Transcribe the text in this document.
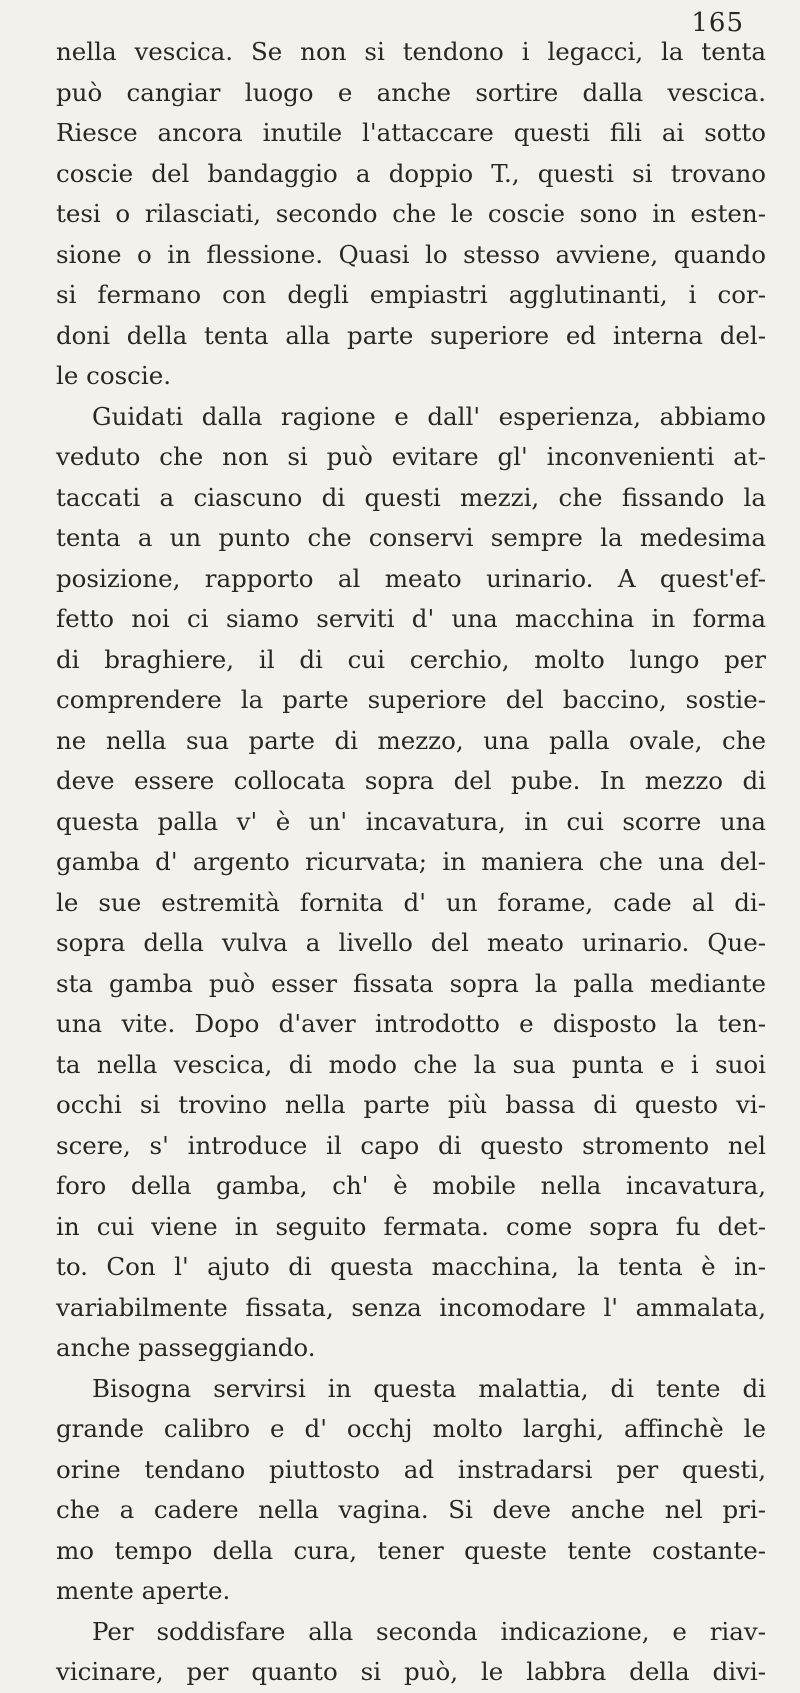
165
nella vescica. Se non si tendono i legacci, la tenta
può cangiar luogo e anche sortire dalla vescica.
Riesce ancora inutile l'attaccare questi fili ai sotto
coscie del bandaggio a doppio T., questi si trovano
tesi o rilasciati, secondo che le coscie sono in esten-
sione o in flessione. Quasi lo stesso avviene, quando
si fermano con degli empiastri agglutinanti, i cor-
doni della tenta alla parte superiore ed interna del-
le coscie.
Guidati dalla ragione e dall' esperienza, abbiamo
veduto che non si può evitare gl' inconvenienti at-
taccati a ciascuno di questi mezzi, che fissando la
tenta a un punto che conservi sempre la medesima
posizione, rapporto al meato urinario. A quest'ef-
fetto noi ci siamo serviti d' una macchina in forma
di braghiere, il di cui cerchio, molto lungo per
comprendere la parte superiore del baccino, sostie-
ne nella sua parte di mezzo, una palla ovale, che
deve essere collocata sopra del pube. In mezzo di
questa palla v' è un' incavatura, in cui scorre una
gamba d' argento ricurvata; in maniera che una del-
le sue estremità fornita d' un forame, cade al di-
sopra della vulva a livello del meato urinario. Que-
sta gamba può esser fissata sopra la palla mediante
una vite. Dopo d'aver introdotto e disposto la ten-
ta nella vescica, di modo che la sua punta e i suoi
occhi si trovino nella parte più bassa di questo vi-
scere, s' introduce il capo di questo stromento nel
foro della gamba, ch' è mobile nella incavatura,
in cui viene in seguito fermata. come sopra fu det-
to. Con l' ajuto di questa macchina, la tenta è in-
variabilmente fissata, senza incomodare l' ammalata,
anche passeggiando.
Bisogna servirsi in questa malattia, di tente di
grande calibro e d' occhj molto larghi, affinchè le
orine tendano piuttosto ad instradarsi per questi,
che a cadere nella vagina. Si deve anche nel pri-
mo tempo della cura, tener queste tente costante-
mente aperte.
Per soddisfare alla seconda indicazione, e riav-
vicinare, per quanto si può, le labbra della divi-
